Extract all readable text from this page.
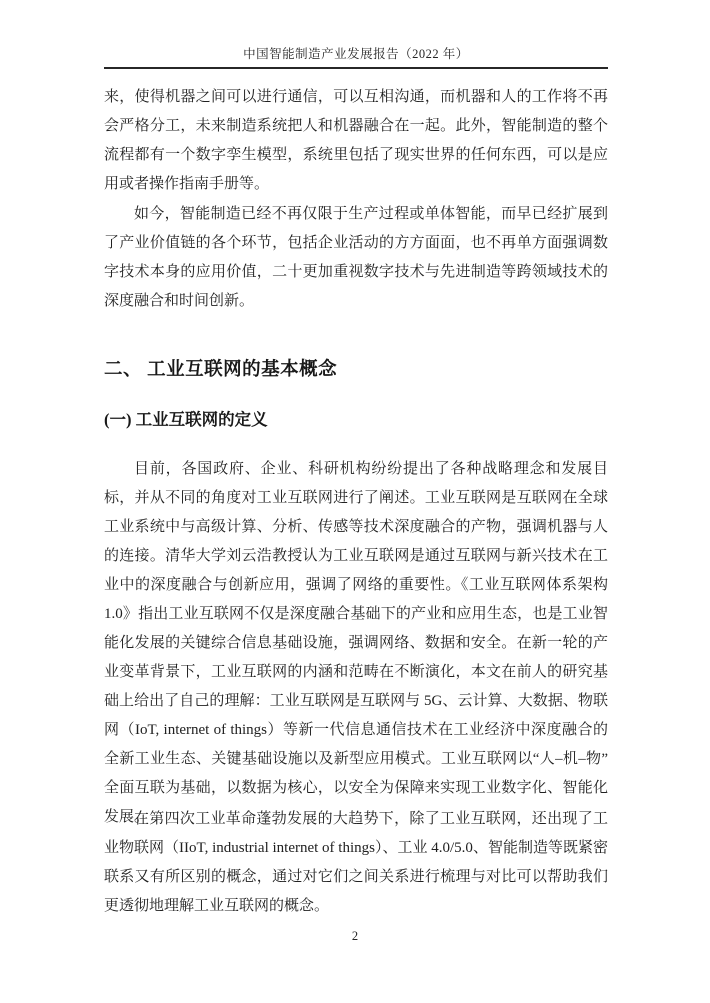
中国智能制造产业发展报告（2022 年）

来，使得机器之间可以进行通信，可以互相沟通，而机器和人的工作将不再会严格分工，未来制造系统把人和机器融合在一起。此外，智能制造的整个流程都有一个数字孪生模型，系统里包括了现实世界的任何东西，可以是应用或者操作指南手册等。

如今，智能制造已经不再仅限于生产过程或单体智能，而早已经扩展到了产业价值链的各个环节，包括企业活动的方方面面，也不再单方面强调数字技术本身的应用价值，二十更加重视数字技术与先进制造等跨领域技术的深度融合和时间创新。

二、 工业互联网的基本概念
(一) 工业互联网的定义

目前，各国政府、企业、科研机构纷纷提出了各种战略理念和发展目标，并从不同的角度对工业互联网进行了阐述。工业互联网是互联网在全球工业系统中与高级计算、分析、传感等技术深度融合的产物，强调机器与人的连接。清华大学刘云浩教授认为工业互联网是通过互联网与新兴技术在工业中的深度融合与创新应用，强调了网络的重要性。《工业互联网体系架构 1.0》指出工业互联网不仅是深度融合基础下的产业和应用生态，也是工业智能化发展的关键综合信息基础设施，强调网络、数据和安全。在新一轮的产业变革背景下，工业互联网的内涵和范畴在不断演化，本文在前人的研究基础上给出了自己的理解：工业互联网是互联网与 5G、云计算、大数据、物联网（IoT, internet of things）等新一代信息通信技术在工业经济中深度融合的全新工业生态、关键基础设施以及新型应用模式。工业互联网以“人–机–物”全面互联为基础，以数据为核心，以安全为保障来实现工业数字化、智能化发展。

在第四次工业革命蓬勃发展的大趋势下，除了工业互联网，还出现了工业物联网（IIoT, industrial internet of things）、工业 4.0/5.0、智能制造等既紧密联系又有所区别的概念，通过对它们之间关系进行梳理与对比可以帮助我们更透彻地理解工业互联网的概念。

2
